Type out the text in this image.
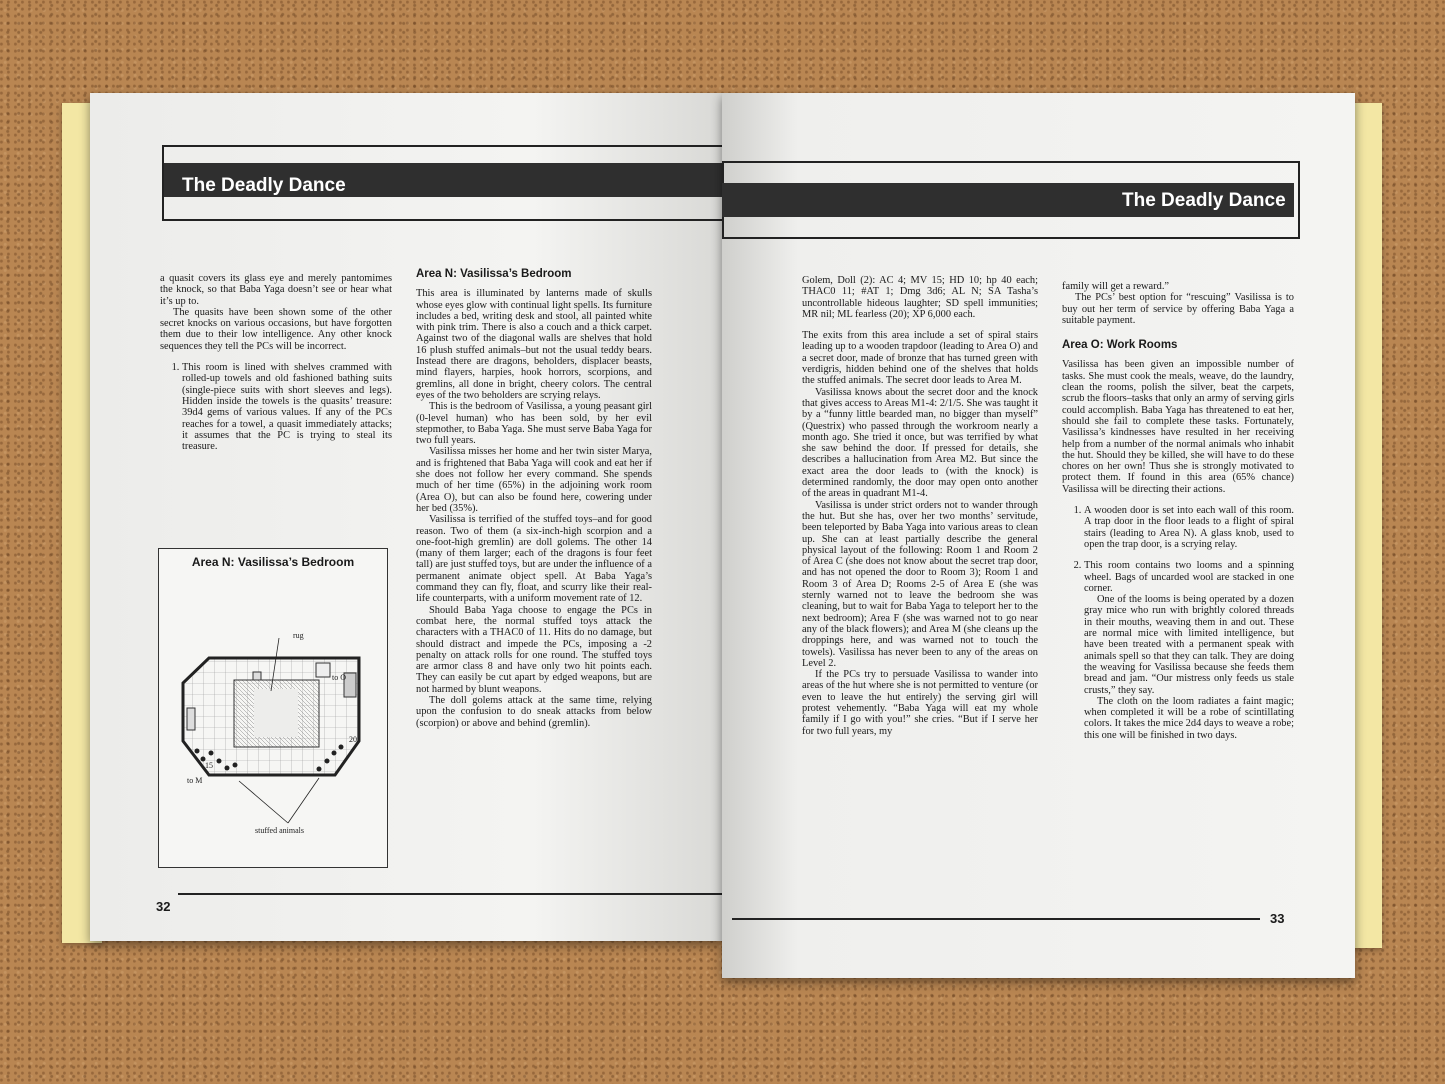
The Deadly Dance

a quasit covers its glass eye and merely pantomimes the knock, so that Baba Yaga doesn’t see or hear what it’s up to.

The quasits have been shown some of the other secret knocks on various occasions, but have forgotten them due to their low intelligence. Any other knock sequences they tell the PCs will be incorrect.

1. This room is lined with shelves crammed with rolled-up towels and old fashioned bathing suits (single-piece suits with short sleeves and legs). Hidden inside the towels is the quasits’ treasure: 39d4 gems of various values. If any of the PCs reaches for a towel, a quasit immediately attacks; it assumes that the PC is trying to steal its treasure.

Area N: Vasilissa’s Bedroom
rug
to O
to M
20
15
stuffed animals
Area N: Vasilissa’s Bedroom

This area is illuminated by lanterns made of skulls whose eyes glow with continual light spells. Its furniture includes a bed, writing desk and stool, all painted white with pink trim. There is also a couch and a thick carpet. Against two of the diagonal walls are shelves that hold 16 plush stuffed animals–but not the usual teddy bears. Instead there are dragons, beholders, displacer beasts, mind flayers, harpies, hook horrors, scorpions, and gremlins, all done in bright, cheery colors. The central eyes of the two beholders are scrying relays.

This is the bedroom of Vasilissa, a young peasant girl (0-level human) who has been sold, by her evil stepmother, to Baba Yaga. She must serve Baba Yaga for two full years.

Vasilissa misses her home and her twin sister Marya, and is frightened that Baba Yaga will cook and eat her if she does not follow her every command. She spends much of her time (65%) in the adjoining work room (Area O), but can also be found here, cowering under her bed (35%).

Vasilissa is terrified of the stuffed toys–and for good reason. Two of them (a six-inch-high scorpion and a one-foot-high gremlin) are doll golems. The other 14 (many of them larger; each of the dragons is four feet tall) are just stuffed toys, but are under the influence of a permanent animate object spell. At Baba Yaga’s command they can fly, float, and scurry like their real-life counterparts, with a uniform movement rate of 12.

Should Baba Yaga choose to engage the PCs in combat here, the normal stuffed toys attack the characters with a THAC0 of 11. Hits do no damage, but should distract and impede the PCs, imposing a -2 penalty on attack rolls for one round. The stuffed toys are armor class 8 and have only two hit points each. They can easily be cut apart by edged weapons, but are not harmed by blunt weapons.

The doll golems attack at the same time, relying upon the confusion to do sneak attacks from below (scorpion) or above and behind (gremlin).

32
The Deadly Dance

Golem, Doll (2): AC 4; MV 15; HD 10; hp 40 each; THAC0 11; #AT 1; Dmg 3d6; AL N; SA Tasha’s uncontrollable hideous laughter; SD spell immunities; MR nil; ML fearless (20); XP 6,000 each.

The exits from this area include a set of spiral stairs leading up to a wooden trapdoor (leading to Area O) and a secret door, made of bronze that has turned green with verdigris, hidden behind one of the shelves that holds the stuffed animals. The secret door leads to Area M.

Vasilissa knows about the secret door and the knock that gives access to Areas M1-4: 2/1/5. She was taught it by a “funny little bearded man, no bigger than myself” (Questrix) who passed through the workroom nearly a month ago. She tried it once, but was terrified by what she saw behind the door. If pressed for details, she describes a hallucination from Area M2. But since the exact area the door leads to (with the knock) is determined randomly, the door may open onto another of the areas in quadrant M1-4.

Vasilissa is under strict orders not to wander through the hut. But she has, over her two months’ servitude, been teleported by Baba Yaga into various areas to clean up. She can at least partially describe the general physical layout of the following: Room 1 and Room 2 of Area C (she does not know about the secret trap door, and has not opened the door to Room 3); Room 1 and Room 3 of Area D; Rooms 2-5 of Area E (she was sternly warned not to leave the bedroom she was cleaning, but to wait for Baba Yaga to teleport her to the next bedroom); Area F (she was warned not to go near any of the black flowers); and Area M (she cleans up the droppings here, and was warned not to touch the towels). Vasilissa has never been to any of the areas on Level 2.

If the PCs try to persuade Vasilissa to wander into areas of the hut where she is not permitted to venture (or even to leave the hut entirely) the serving girl will protest vehemently. “Baba Yaga will eat my whole family if I go with you!” she cries. “But if I serve her for two full years, my

family will get a reward.”

The PCs’ best option for “rescuing” Vasilissa is to buy out her term of service by offering Baba Yaga a suitable payment.

Area O: Work Rooms

Vasilissa has been given an impossible number of tasks. She must cook the meals, weave, do the laundry, clean the rooms, polish the silver, beat the carpets, scrub the floors–tasks that only an army of serving girls could accomplish. Baba Yaga has threatened to eat her, should she fail to complete these tasks. Fortunately, Vasilissa’s kindnesses have resulted in her receiving help from a number of the normal animals who inhabit the hut. Should they be killed, she will have to do these chores on her own! Thus she is strongly motivated to protect them. If found in this area (65% chance) Vasilissa will be directing their actions.

1. A wooden door is set into each wall of this room. A trap door in the floor leads to a flight of spiral stairs (leading to Area N). A glass knob, used to open the trap door, is a scrying relay.

2. This room contains two looms and a spinning wheel. Bags of uncarded wool are stacked in one corner.

One of the looms is being operated by a dozen gray mice who run with brightly colored threads in their mouths, weaving them in and out. These are normal mice with limited intelligence, but have been treated with a permanent speak with animals spell so that they can talk. They are doing the weaving for Vasilissa because she feeds them bread and jam. “Our mistress only feeds us stale crusts,” they say.

The cloth on the loom radiates a faint magic; when completed it will be a robe of scintillating colors. It takes the mice 2d4 days to weave a robe; this one will be finished in two days.

33
